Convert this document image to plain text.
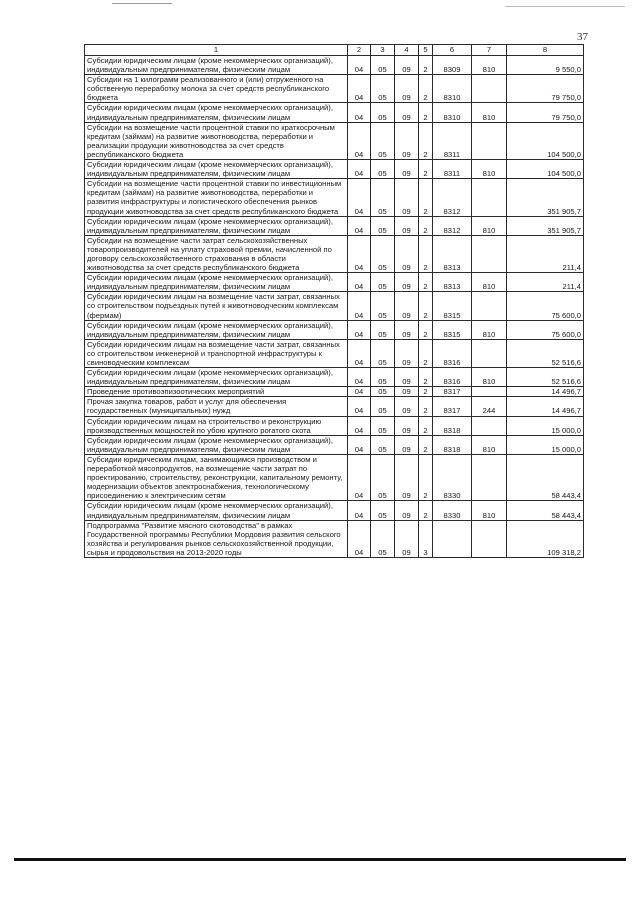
37
1	2	3	4	5	6	7	8
Субсидии юридическим лицам (кроме некоммерческих организаций), индивидуальным предпринимателям, физическим лицам	04	05	09	2	8309	810	9 550,0
Субсидии на 1 килограмм реализованного и (или) отгруженного на собственную переработку молока за счет средств республиканского бюджета	04	05	09	2	8310		79 750,0
Субсидии юридическим лицам (кроме некоммерческих организаций), индивидуальным предпринимателям, физическим лицам	04	05	09	2	8310	810	79 750,0
Субсидии на возмещение части процентной ставки по краткосрочным кредитам (займам) на развитие животноводства, переработки и реализации продукции животноводства за счет средств республиканского бюджета	04	05	09	2	8311		104 500,0
Субсидии юридическим лицам (кроме некоммерческих организаций), индивидуальным предпринимателям, физическим лицам	04	05	09	2	8311	810	104 500,0
Субсидии на возмещение части процентной ставки по инвестиционным кредитам (займам) на развитие животноводства, переработки и развития инфраструктуры и логистического обеспечения рынков продукции животноводства за счет средств республиканского бюджета	04	05	09	2	8312		351 905,7
Субсидии юридическим лицам (кроме некоммерческих организаций), индивидуальным предпринимателям, физическим лицам	04	05	09	2	8312	810	351 905,7
Субсидии на возмещение части затрат сельскохозяйственных товаропроизводителей на уплату страховой премии, начисленной по договору сельскохозяйственного страхования в области животноводства за счет средств республиканского бюджета	04	05	09	2	8313		211,4
Субсидии юридическим лицам (кроме некоммерческих организаций), индивидуальным предпринимателям, физическим лицам	04	05	09	2	8313	810	211,4
Субсидии юридическим лицам на возмещение части затрат, связанных со строительством подъездных путей к животноводческим комплексам (фермам)	04	05	09	2	8315		75 600,0
Субсидии юридическим лицам (кроме некоммерческих организаций), индивидуальным предпринимателям, физическим лицам	04	05	09	2	8315	810	75 600,0
Субсидии юридическим лицам на возмещение части затрат, связанных со строительством инженерной и транспортной инфраструктуры к свиноводческим комплексам	04	05	09	2	8316		52 516,6
Субсидии юридическим лицам (кроме некоммерческих организаций), индивидуальным предпринимателям, физическим лицам	04	05	09	2	8316	810	52 516,6
Проведение противоэпизоотических мероприятий	04	05	09	2	8317		14 496,7
Прочая закупка товаров, работ и услуг для обеспечения государственных (муниципальных) нужд	04	05	09	2	8317	244	14 496,7
Субсидии юридическим лицам на строительство и реконструкцию производственных мощностей по убою крупного рогатого скота	04	05	09	2	8318		15 000,0
Субсидии юридическим лицам (кроме некоммерческих организаций), индивидуальным предпринимателям, физическим лицам	04	05	09	2	8318	810	15 000,0
Субсидии юридическим лицам, занимающимся производством и переработкой мясопродуктов, на возмещение части затрат по проектированию, строительству, реконструкции, капитальному ремонту, модернизации объектов электроснабжения, технологическому присоединению к электрическим сетям	04	05	09	2	8330		58 443,4
Субсидии юридическим лицам (кроме некоммерческих организаций), индивидуальным предпринимателям, физическим лицам	04	05	09	2	8330	810	58 443,4
Подпрограмма "Развитие мясного скотоводства" в рамках Государственной программы Республики Мордовия развития сельского хозяйства и регулирования рынков сельскохозяйственной продукции, сырья и продовольствия на 2013-2020 годы	04	05	09	3			109 318,2
